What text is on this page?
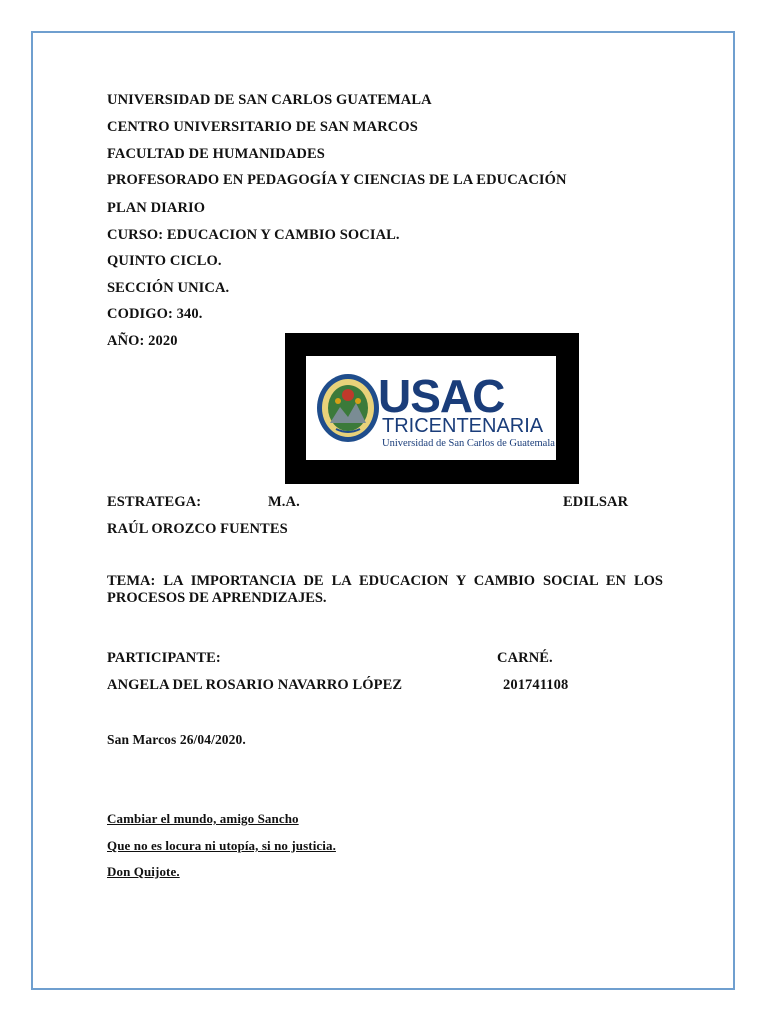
UNIVERSIDAD DE SAN CARLOS GUATEMALA
CENTRO UNIVERSITARIO DE SAN MARCOS
FACULTAD DE HUMANIDADES
PROFESORADO EN PEDAGOGÍA Y CIENCIAS DE LA EDUCACIÓN
PLAN DIARIO
CURSO: EDUCACION Y CAMBIO SOCIAL.
QUINTO CICLO.
SECCIÓN UNICA.
CODIGO: 340.
AÑO: 2020
USAC
TRICENTENARIA
Universidad de San Carlos de Guatemala
ESTRATEGA:	M.A.	EDILSAR
RAÚL OROZCO FUENTES
TEMA: LA IMPORTANCIA DE LA EDUCACION Y CAMBIO SOCIAL EN LOS PROCESOS DE APRENDIZAJES.
PARTICIPANTE:	CARNÉ.
ANGELA DEL ROSARIO NAVARRO LÓPEZ	201741108
San Marcos 26/04/2020.
Cambiar el mundo, amigo Sancho
Que no es locura ni utopía, si no justicia.
Don Quijote.
